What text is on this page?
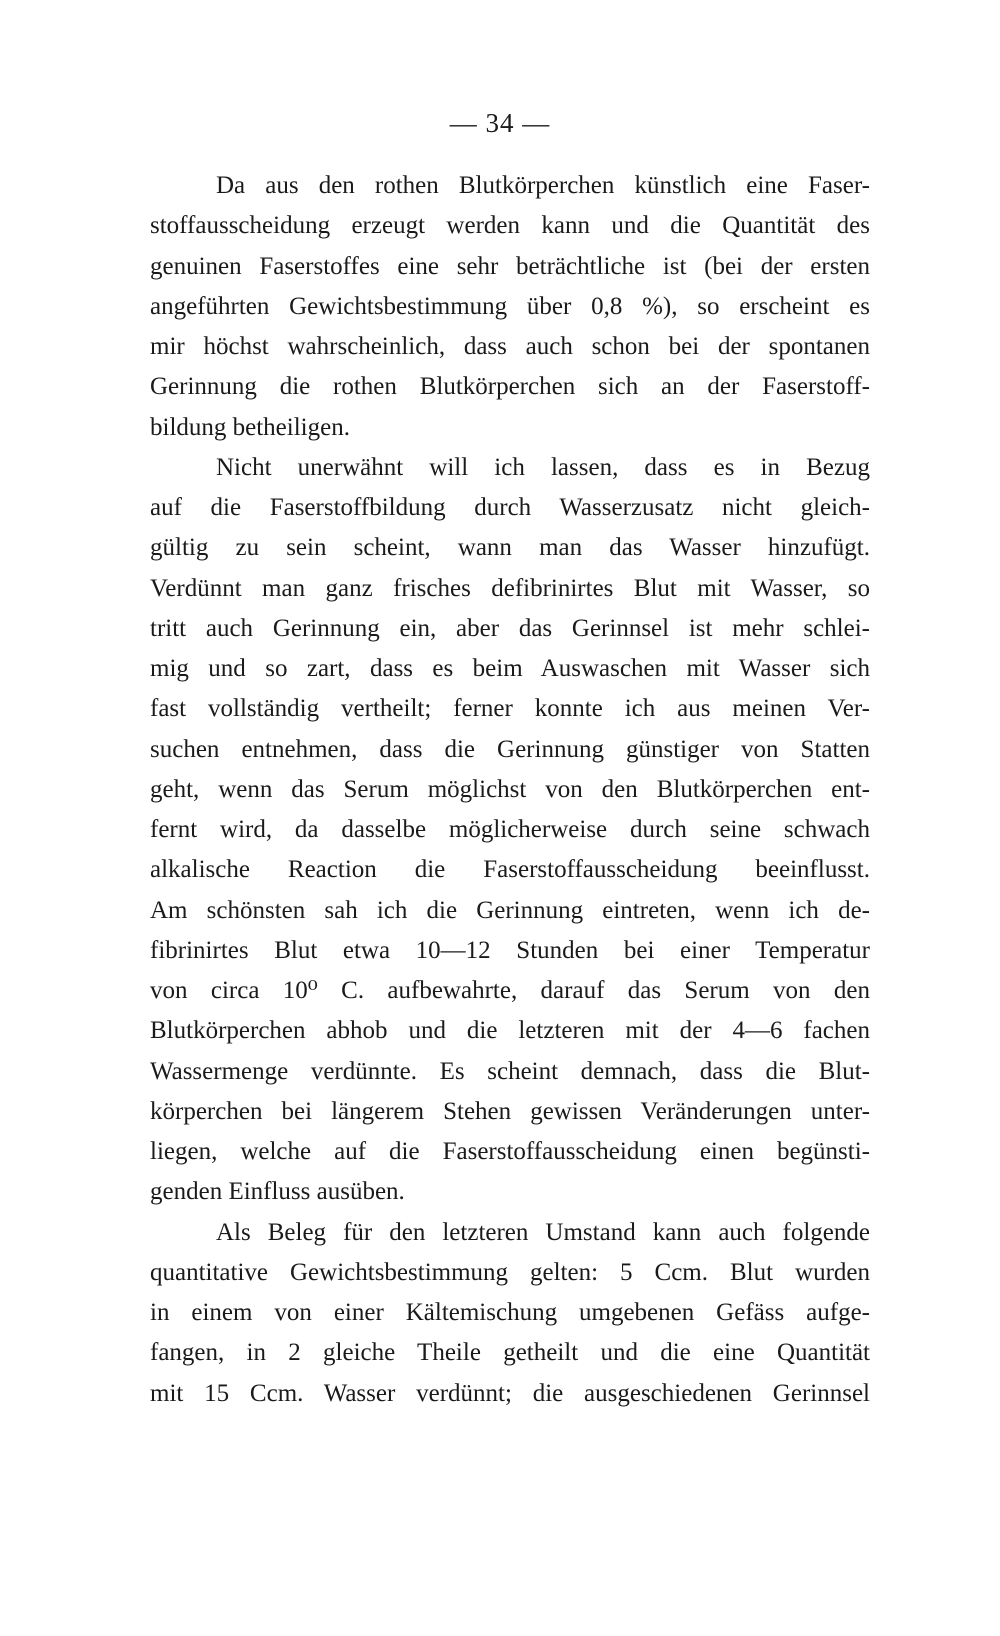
— 34 —
Da aus den rothen Blutkörperchen künstlich eine Faser-
stoffausscheidung erzeugt werden kann und die Quantität des
genuinen Faserstoffes eine sehr beträchtliche ist (bei der ersten
angeführten Gewichtsbestimmung über 0,8 %), so erscheint es
mir höchst wahrscheinlich, dass auch schon bei der spontanen
Gerinnung die rothen Blutkörperchen sich an der Faserstoff-
bildung betheiligen.
Nicht unerwähnt will ich lassen, dass es in Bezug
auf die Faserstoffbildung durch Wasserzusatz nicht gleich-
gültig zu sein scheint, wann man das Wasser hinzufügt.
Verdünnt man ganz frisches defibrinirtes Blut mit Wasser, so
tritt auch Gerinnung ein, aber das Gerinnsel ist mehr schlei-
mig und so zart, dass es beim Auswaschen mit Wasser sich
fast vollständig vertheilt; ferner konnte ich aus meinen Ver-
suchen entnehmen, dass die Gerinnung günstiger von Statten
geht, wenn das Serum möglichst von den Blutkörperchen ent-
fernt wird, da dasselbe möglicherweise durch seine schwach
alkalische Reaction die Faserstoffausscheidung beeinflusst.
Am schönsten sah ich die Gerinnung eintreten, wenn ich de-
fibrinirtes Blut etwa 10—12 Stunden bei einer Temperatur
von circa 10⁰ C. aufbewahrte, darauf das Serum von den
Blutkörperchen abhob und die letzteren mit der 4—6 fachen
Wassermenge verdünnte. Es scheint demnach, dass die Blut-
körperchen bei längerem Stehen gewissen Veränderungen unter-
liegen, welche auf die Faserstoffausscheidung einen begünsti-
genden Einfluss ausüben.
Als Beleg für den letzteren Umstand kann auch folgende
quantitative Gewichtsbestimmung gelten: 5 Ccm. Blut wurden
in einem von einer Kältemischung umgebenen Gefäss aufge-
fangen, in 2 gleiche Theile getheilt und die eine Quantität
mit 15 Ccm. Wasser verdünnt; die ausgeschiedenen Gerinnsel
